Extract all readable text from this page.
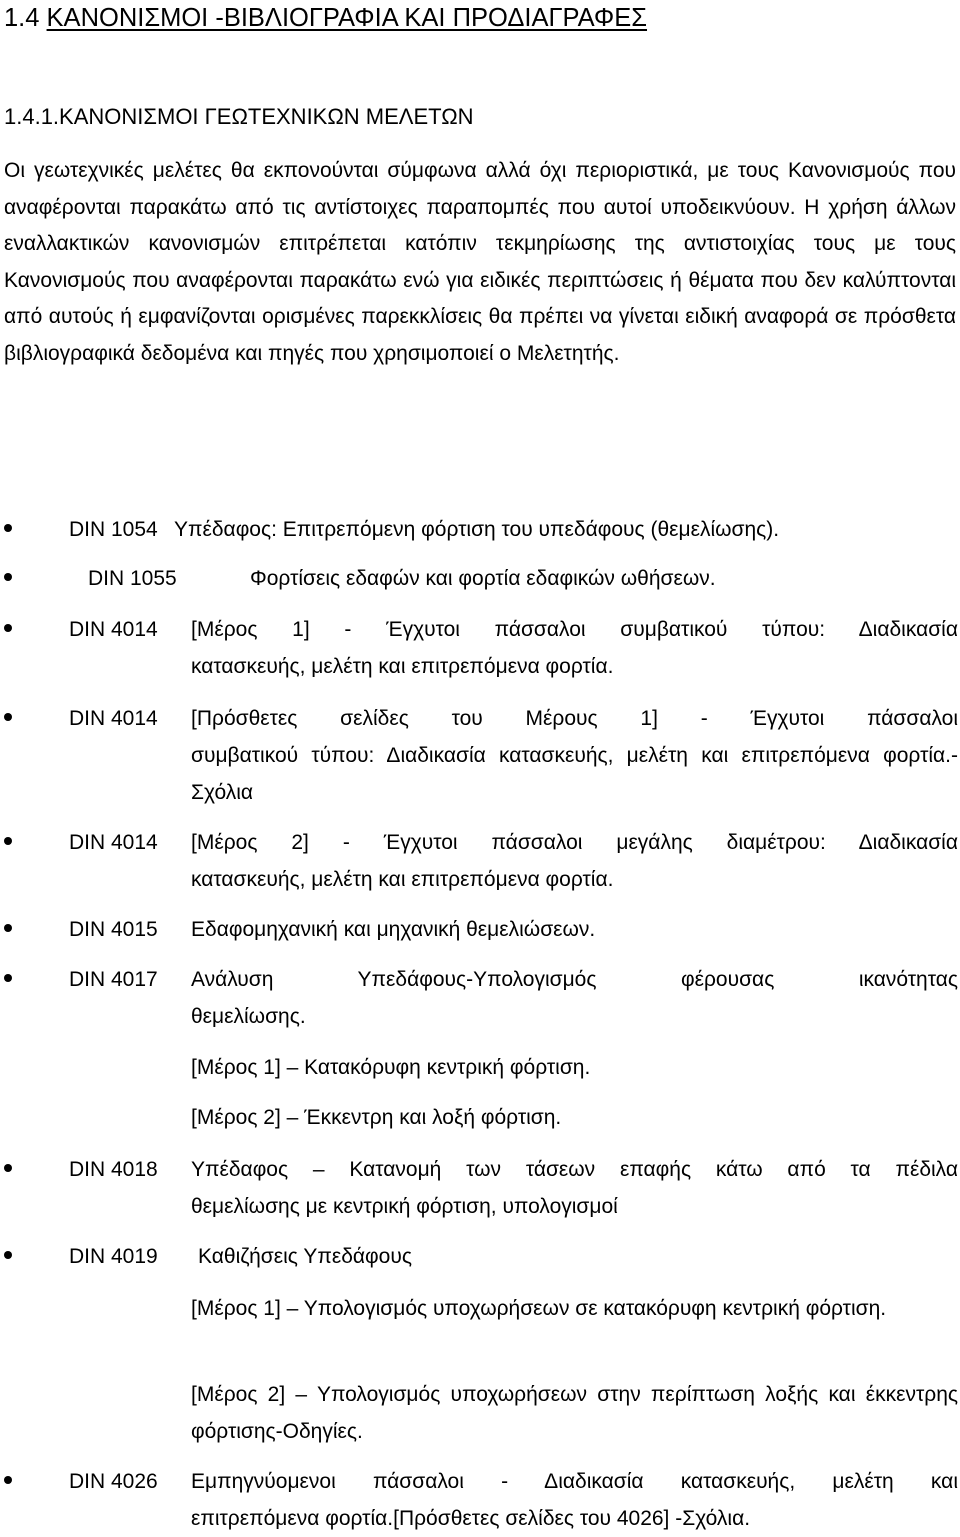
1.4 ΚΑΝΟΝΙΣΜΟΙ -ΒΙΒΛΙΟΓΡΑΦΙΑ ΚΑΙ ΠΡΟΔΙΑΓΡΑΦΕΣ
1.4.1.ΚΑΝΟΝΙΣΜΟΙ ΓΕΩΤΕΧΝΙΚΩΝ ΜΕΛΕΤΩΝ

Οι γεωτεχνικές μελέτες θα εκπονούνται σύμφωνα αλλά όχι περιοριστικά, με τους Κανονισμούς που αναφέρονται παρακάτω από τις αντίστοιχες παραπομπές που αυτοί υποδεικνύουν. Η χρήση άλλων εναλλακτικών κανονισμών επιτρέπεται κατόπιν τεκμηρίωσης της αντιστοιχίας τους με τους Κανονισμούς που αναφέρονται παρακάτω ενώ για ειδικές περιπτώσεις ή θέματα που δεν καλύπτονται από αυτούς ή εμφανίζονται ορισμένες παρεκκλίσεις θα πρέπει να γίνεται ειδική αναφορά σε πρόσθετα βιβλιογραφικά δεδομένα και πηγές που χρησιμοποιεί ο Μελετητής.

DIN 1054 Υπέδαφος: Επιτρεπόμενη φόρτιση του υπεδάφους (θεμελίωσης).

DIN 1055	Φορτίσεις εδαφών και φορτία εδαφικών ωθήσεων.

DIN 4014 [Μέρος 1] - Έγχυτοι πάσσαλοι συμβατικού τύπου: Διαδικασία
κατασκευής, μελέτη και επιτρεπόμενα φορτία.

DIN 4014 [Πρόσθετες σελίδες του Μέρους 1] - Έγχυτοι πάσσαλοι
συμβατικού τύπου: Διαδικασία κατασκευής, μελέτη και επιτρεπόμενα φορτία.- Σχόλια

DIN 4014 [Μέρος 2] - Έγχυτοι πάσσαλοι μεγάλης διαμέτρου: Διαδικασία
κατασκευής, μελέτη και επιτρεπόμενα φορτία.

DIN 4015 Εδαφομηχανική και μηχανική θεμελιώσεων.

DIN 4017 Ανάλυση Υπεδάφους-Υπολογισμός φέρουσας ικανότητας
θεμελίωσης.

[Μέρος 1] – Κατακόρυφη κεντρική φόρτιση.

[Μέρος 2] – Έκκεντρη και λοξή φόρτιση.

DIN 4018 Υπέδαφος – Κατανομή των τάσεων επαφής κάτω από τα πέδιλα
θεμελίωσης με κεντρική φόρτιση, υπολογισμοί

DIN 4019 Καθιζήσεις Υπεδάφους

[Μέρος 1] – Υπολογισμός υποχωρήσεων σε κατακόρυφη κεντρική φόρτιση.

[Μέρος 2] – Υπολογισμός υποχωρήσεων στην περίπτωση λοξής και έκκεντρης φόρτισης-Οδηγίες.

DIN 4026 Εμπηγνύομενοι πάσσαλοι - Διαδικασία κατασκευής, μελέτη και
επιτρεπόμενα φορτία.[Πρόσθετες σελίδες του 4026] -Σχόλια.
